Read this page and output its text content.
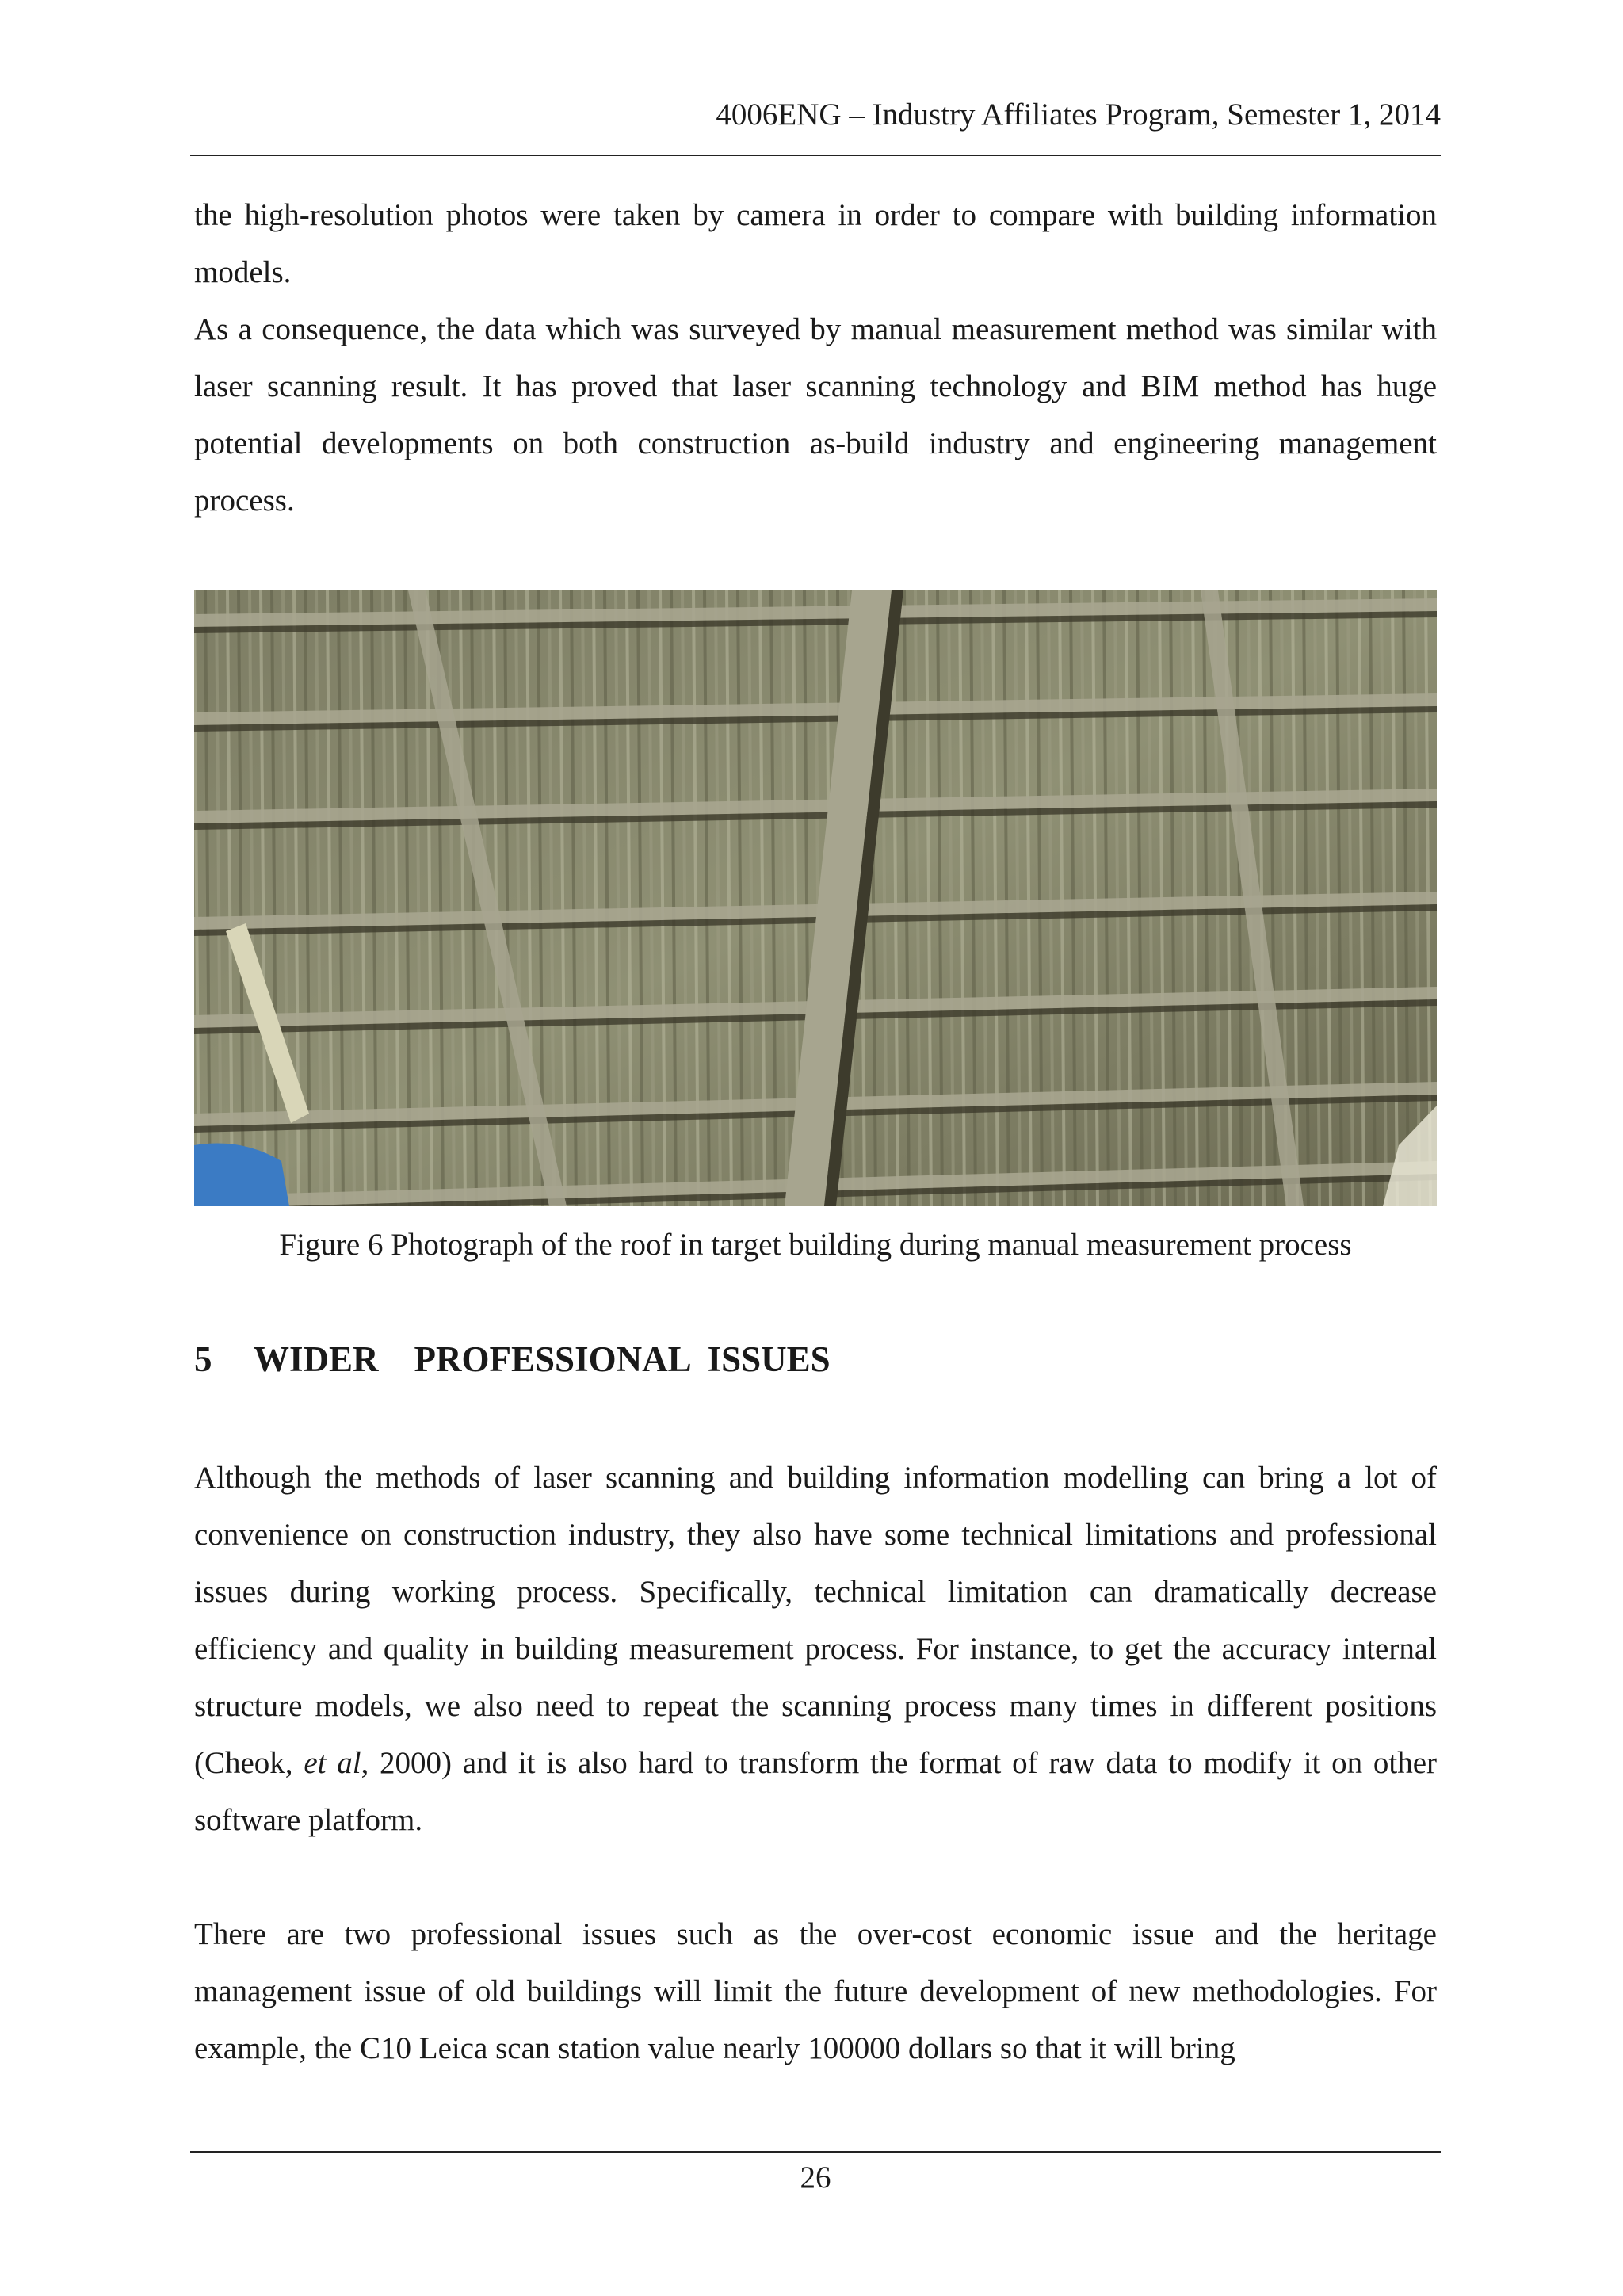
4006ENG – Industry Affiliates Program, Semester 1, 2014

the high-resolution photos were taken by camera in order to compare with building information models.

As a consequence, the data which was surveyed by manual measurement method was similar with laser scanning result. It has proved that laser scanning technology and BIM method has huge potential developments on both construction as-build industry and engineering management process.

Figure 6 Photograph of the roof in target building during manual measurement process
5 WIDER    PROFESSIONAL  ISSUES

Although the methods of laser scanning and building information modelling can bring a lot of convenience on construction industry, they also have some technical limitations and professional issues during working process. Specifically, technical limitation can dramatically decrease efficiency and quality in building measurement process. For instance, to get the accuracy internal structure models, we also need to repeat the scanning process many times in different positions (Cheok, et al, 2000) and it is also hard to transform the format of raw data to modify it on other software platform.

There are two professional issues such as the over-cost economic issue and the heritage management issue of old buildings will limit the future development of new methodologies. For example, the C10 Leica scan station value nearly 100000 dollars so that it will bring

26
